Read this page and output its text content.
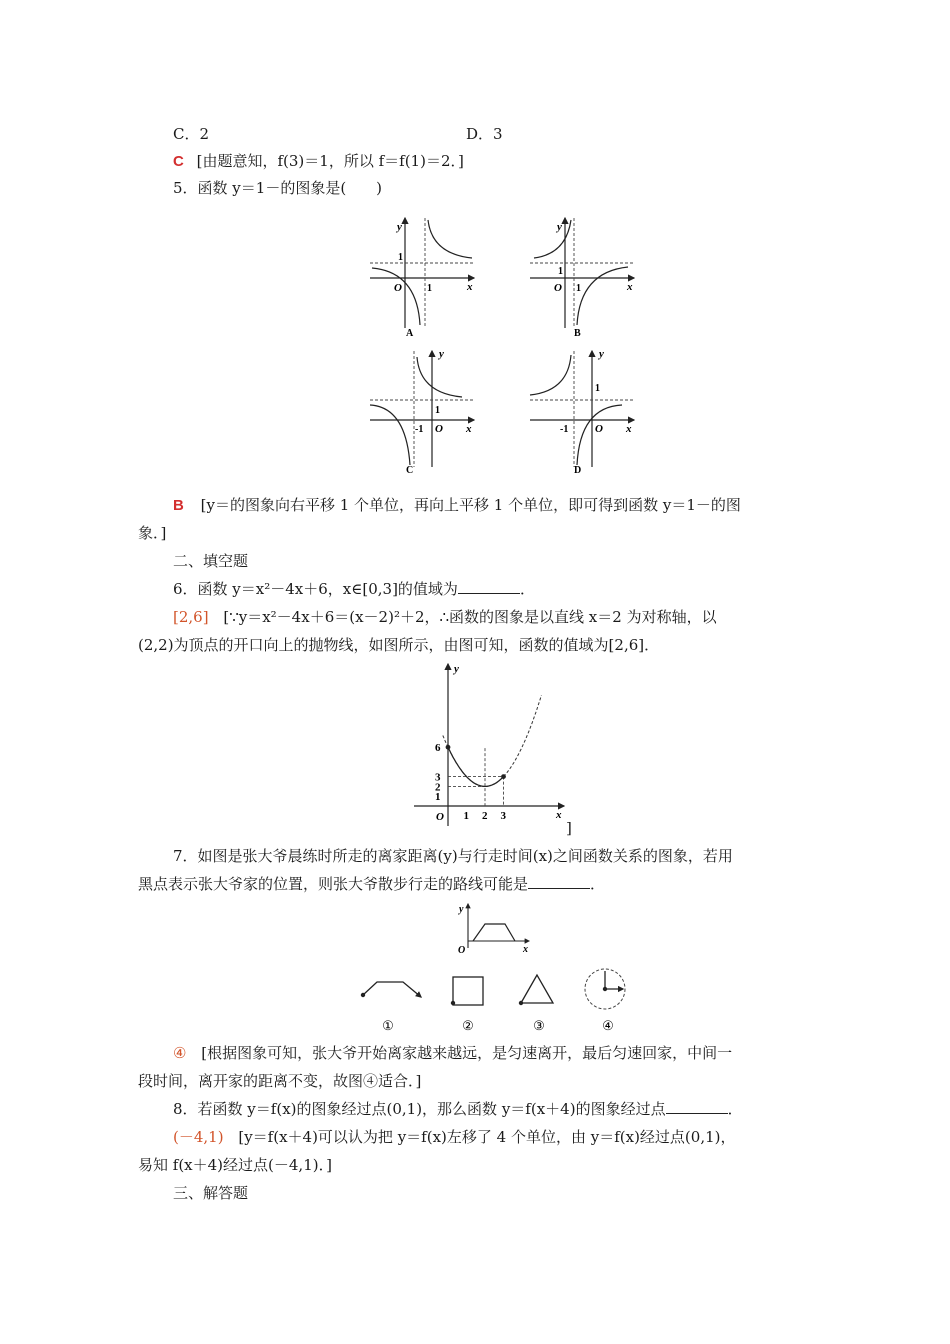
C．2	D．3
C [由题意知，f(3)＝1，所以 f＝f(1)＝2．]
5．函数 y＝1－的图象是(　　)
y
x
O
1
1
A
y
x
O
1
1
B
y
x
O
1
-1
C
y
x
O
1
-1
D
B [y＝的图象向右平移 1 个单位，再向上平移 1 个单位，即可得到函数 y＝1－的图
象．]
二、填空题
6．函数 y＝x²－4x＋6，x∈[0,3]的值域为	．
[2,6] [∵y＝x²－4x＋6＝(x－2)²＋2，∴函数的图象是以直线 x＝2 为对称轴，以
(2,2)为顶点的开口向上的抛物线，如图所示，由图可知，函数的值域为[2,6]．
1
2
3
6
1 2 3
y
x
O
]
7．如图是张大爷晨练时所走的离家距离(y)与行走时间(x)之间函数关系的图象，若用
黑点表示张大爷家的位置，则张大爷散步行走的路线可能是	．
y
x
O
①	②	③	④
④ [根据图象可知，张大爷开始离家越来越远，是匀速离开，最后匀速回家，中间一
段时间，离开家的距离不变，故图④适合．]
8．若函数 y＝f(x)的图象经过点(0,1)，那么函数 y＝f(x＋4)的图象经过点	．
(－4,1) [y＝f(x＋4)可以认为把 y＝f(x)左移了 4 个单位，由 y＝f(x)经过点(0,1)，
易知 f(x＋4)经过点(－4,1)．]
三、解答题
